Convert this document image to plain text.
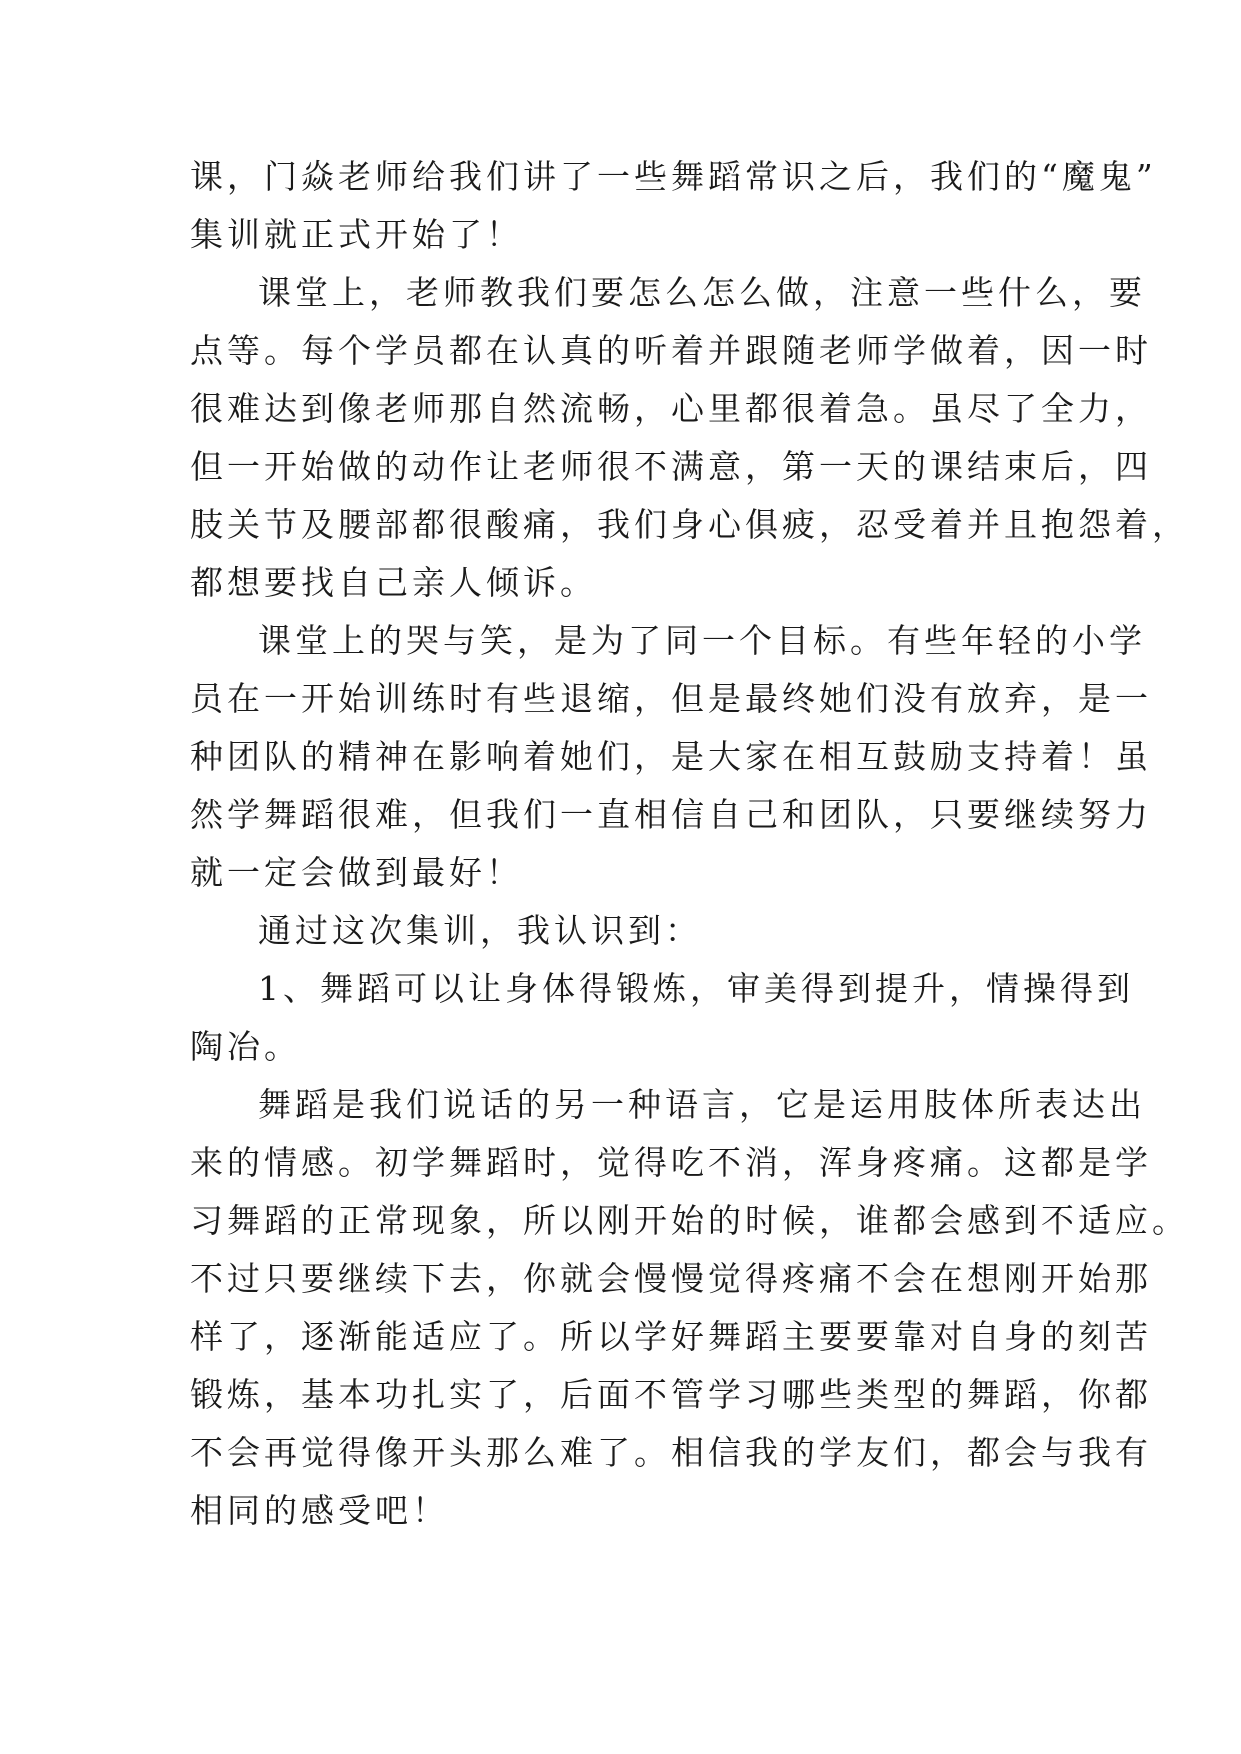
课，门焱老师给我们讲了一些舞蹈常识之后，我们的“魔鬼”
集训就正式开始了！
课堂上，老师教我们要怎么怎么做，注意一些什么，要
点等。每个学员都在认真的听着并跟随老师学做着，因一时
很难达到像老师那自然流畅，心里都很着急。虽尽了全力，
但一开始做的动作让老师很不满意，第一天的课结束后，四
肢关节及腰部都很酸痛，我们身心俱疲，忍受着并且抱怨着，
都想要找自己亲人倾诉。
课堂上的哭与笑，是为了同一个目标。有些年轻的小学
员在一开始训练时有些退缩，但是最终她们没有放弃，是一
种团队的精神在影响着她们，是大家在相互鼓励支持着！虽
然学舞蹈很难，但我们一直相信自己和团队，只要继续努力
就一定会做到最好！
通过这次集训，我认识到：
1、舞蹈可以让身体得锻炼，审美得到提升，情操得到
陶冶。
舞蹈是我们说话的另一种语言，它是运用肢体所表达出
来的情感。初学舞蹈时，觉得吃不消，浑身疼痛。这都是学
习舞蹈的正常现象，所以刚开始的时候，谁都会感到不适应。
不过只要继续下去，你就会慢慢觉得疼痛不会在想刚开始那
样了，逐渐能适应了。所以学好舞蹈主要要靠对自身的刻苦
锻炼，基本功扎实了，后面不管学习哪些类型的舞蹈，你都
不会再觉得像开头那么难了。相信我的学友们，都会与我有
相同的感受吧！
